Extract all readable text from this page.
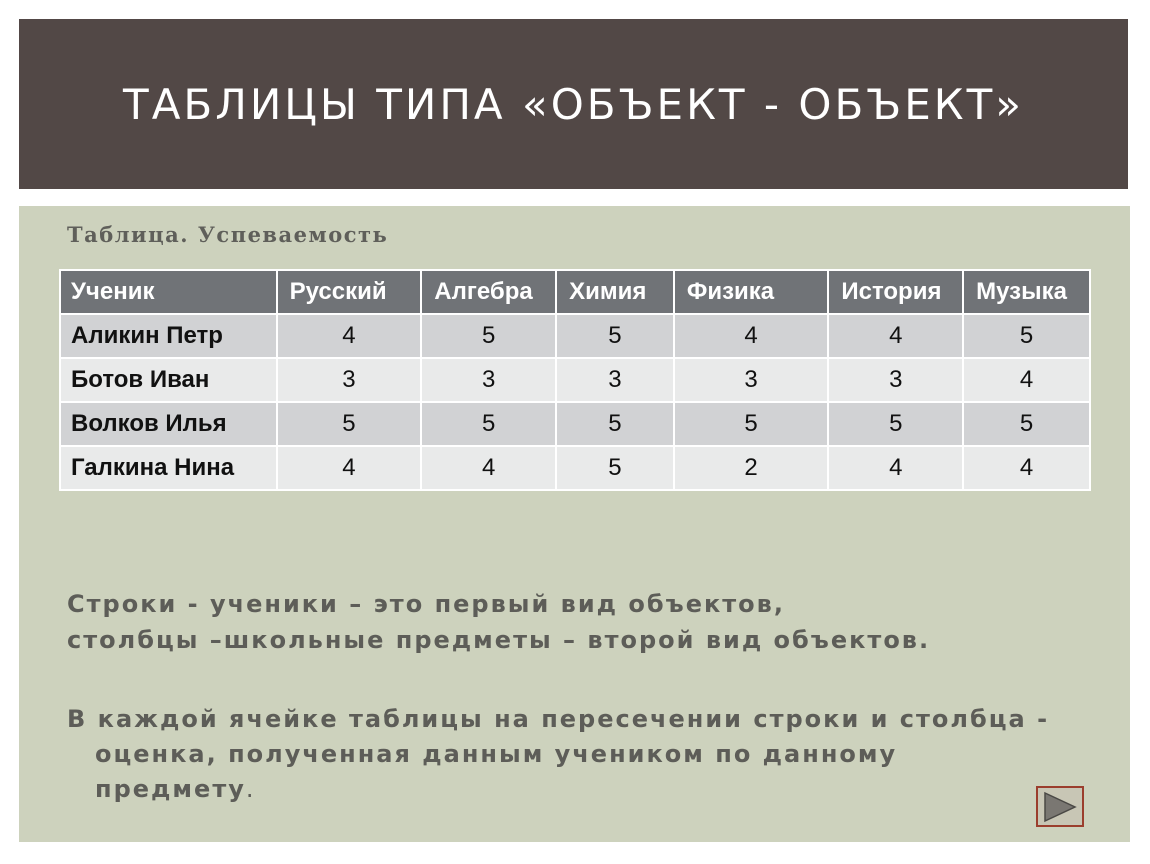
ТАБЛИЦЫ ТИПА «ОБЪЕКТ - ОБЪЕКТ»
Таблица. Успеваемость
Ученик	Русский	Алгебра	Химия	Физика	История	Музыка
Аликин Петр	4	5	5	4	4	5
Ботов Иван	3	3	3	3	3	4
Волков Илья	5	5	5	5	5	5
Галкина Нина	4	4	5	2	4	4
Строки - ученики – это первый вид объектов,
столбцы –школьные предметы – второй вид объектов.
В каждой ячейке таблицы на пересечении строки и столбца -
оценка, полученная данным учеником по данному
предмету.
